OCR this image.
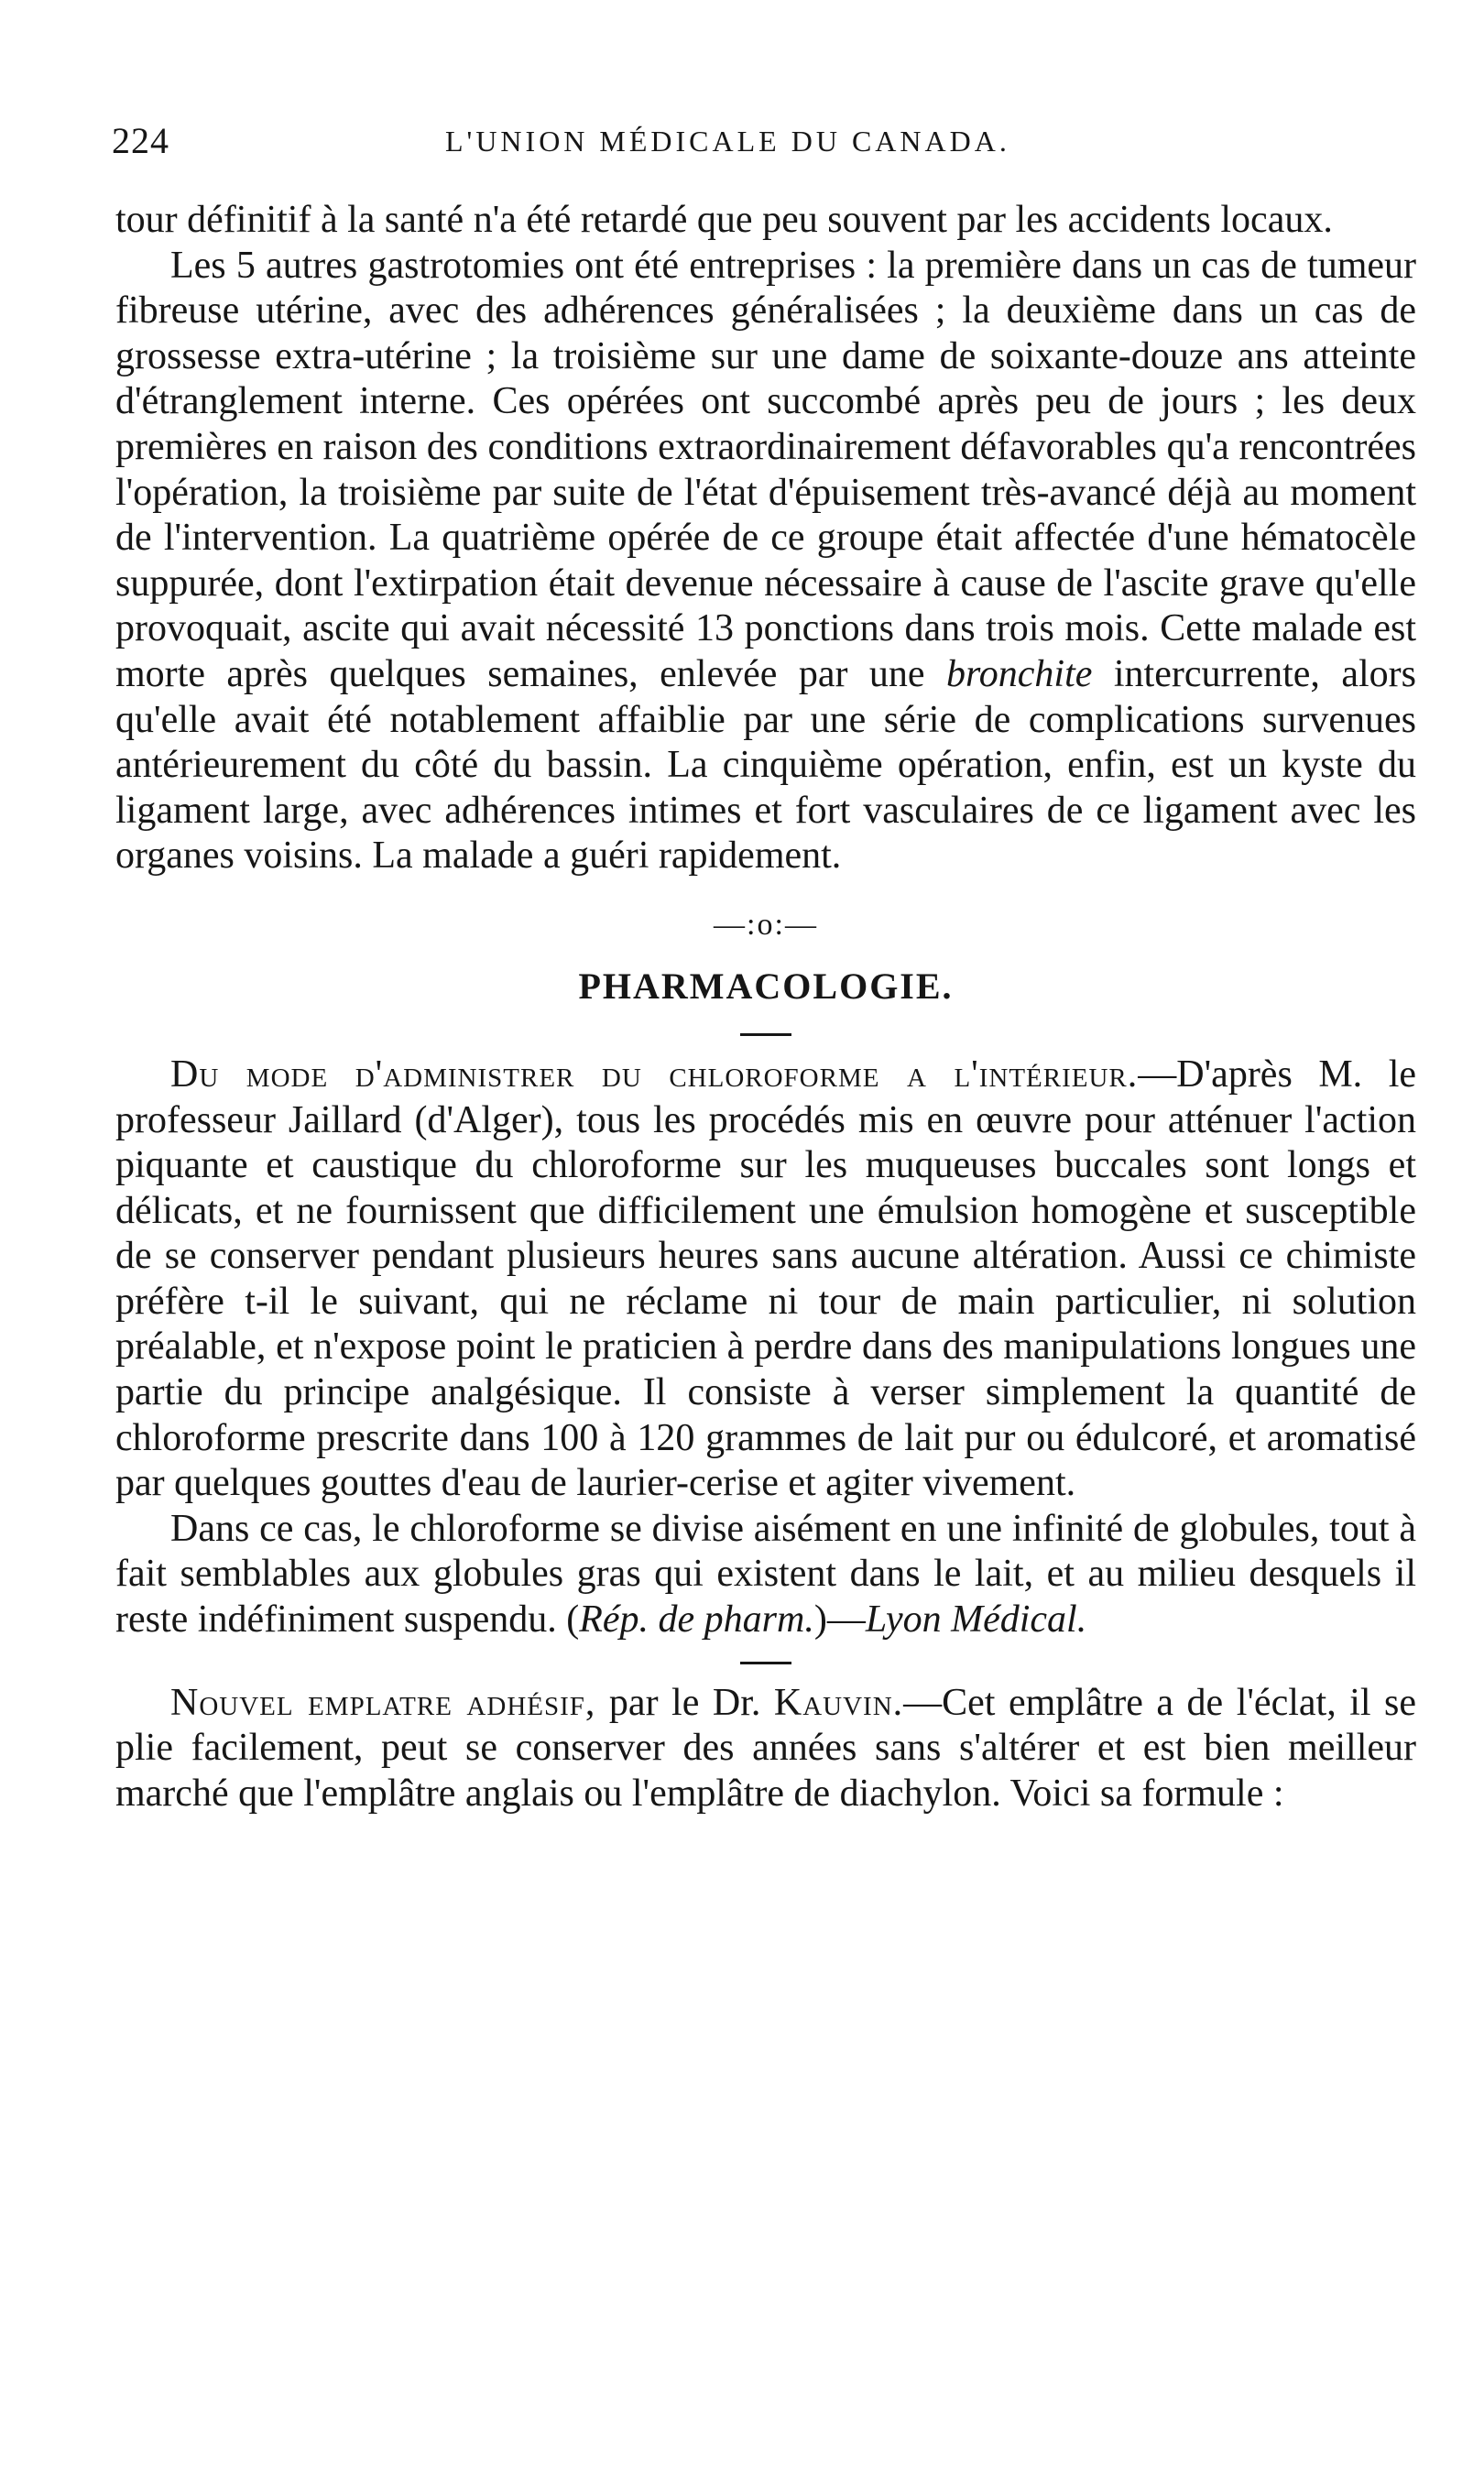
224	L'UNION MÉDICALE DU CANADA.

tour définitif à la santé n'a été retardé que peu souvent par les accidents locaux.

Les 5 autres gastrotomies ont été entreprises : la première dans un cas de tumeur fibreuse utérine, avec des adhérences généralisées ; la deuxième dans un cas de grossesse extra-utérine ; la troisième sur une dame de soixante-douze ans atteinte d'étranglement interne. Ces opérées ont succombé après peu de jours ; les deux premières en raison des conditions extraordinairement défavorables qu'a rencontrées l'opération, la troisième par suite de l'état d'épuisement très-avancé déjà au moment de l'intervention. La quatrième opérée de ce groupe était affectée d'une hématocèle suppurée, dont l'extirpation était devenue nécessaire à cause de l'ascite grave qu'elle provoquait, ascite qui avait nécessité 13 ponctions dans trois mois. Cette malade est morte après quelques semaines, enlevée par une bronchite intercurrente, alors qu'elle avait été notablement affaiblie par une série de complications survenues antérieurement du côté du bassin. La cinquième opération, enfin, est un kyste du ligament large, avec adhérences intimes et fort vasculaires de ce ligament avec les organes voisins. La malade a guéri rapidement.

—:o:—
PHARMACOLOGIE.

Du mode d'administrer du chloroforme a l'intérieur.—D'après M. le professeur Jaillard (d'Alger), tous les procédés mis en œuvre pour atténuer l'action piquante et caustique du chloroforme sur les muqueuses buccales sont longs et délicats, et ne fournissent que difficilement une émulsion homogène et susceptible de se conserver pendant plusieurs heures sans aucune altération. Aussi ce chimiste préfère t-il le suivant, qui ne réclame ni tour de main particulier, ni solution préalable, et n'expose point le praticien à perdre dans des manipulations longues une partie du principe analgésique. Il consiste à verser simplement la quantité de chloroforme prescrite dans 100 à 120 grammes de lait pur ou édulcoré, et aromatisé par quelques gouttes d'eau de laurier-cerise et agiter vivement.

Dans ce cas, le chloroforme se divise aisément en une infinité de globules, tout à fait semblables aux globules gras qui existent dans le lait, et au milieu desquels il reste indéfiniment suspendu. (Rép. de pharm.)—Lyon Médical.

Nouvel emplatre adhésif, par le Dr. Kauvin.—Cet emplâtre a de l'éclat, il se plie facilement, peut se conserver des années sans s'altérer et est bien meilleur marché que l'emplâtre anglais ou l'emplâtre de diachylon. Voici sa formule :
